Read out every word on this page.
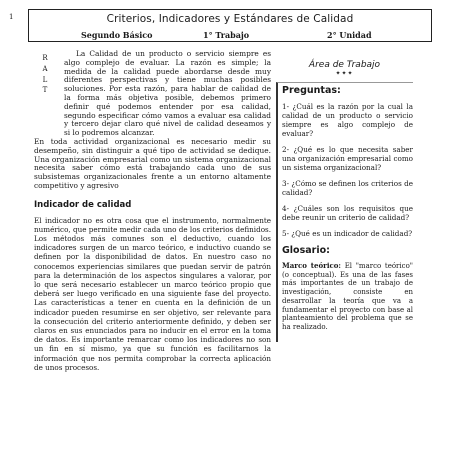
1	Criterios, Indicadores y Estándares de Calidad
Segundo Básico	1° Trabajo	2° Unidad
R
A
L
T

La Calidad de un producto o servicio siempre es algo complejo de evaluar. La razón es simple; la medida de la calidad puede abordarse desde muy diferentes perspectivas y tiene muchas posibles soluciones. Por esta razón, para hablar de calidad de la forma más objetiva posible, debemos primero definir qué podemos entender por esa calidad, segundo especificar cómo vamos a evaluar esa calidad y tercero dejar claro qué nivel de calidad deseamos y si lo podremos alcanzar.

En toda actividad organizacional es necesario medir su desempeño, sin distinguir a qué tipo de actividad se dedique. Una organización empresarial como un sistema organizacional necesita saber cómo está trabajando cada uno de sus subsistemas organizacionales frente a un entorno altamente competitivo y agresivo

Indicador de calidad

El indicador no es otra cosa que el instrumento, normalmente numérico, que permite medir cada uno de los criterios definidos. Los métodos más comunes son el deductivo, cuando los indicadores surgen de un marco teórico, e inductivo cuando se definen por la disponibilidad de datos. En nuestro caso no conocemos experiencias similares que puedan servir de patrón para la determinación de los aspectos singulares a valorar, por lo que será necesario establecer un marco teórico propio que deberá ser luego verificado en una siguiente fase del proyecto. Las características a tener en cuenta en la definición de un indicador pueden resumirse en ser objetivo, ser relevante para la consecución del criterio anteriormente definido, y deben ser claros en sus enunciados para no inducir en el error en la toma de datos. Es importante remarcar como los indicadores no son un fin en sí mismo, ya que su función es facilitarnos la información que nos permita comprobar la correcta aplicación de unos procesos.

Área de Trabajo
✦✦✦
Preguntas:

1- ¿Cuál es la razón por la cual la calidad de un producto o servicio siempre es algo complejo de evaluar?

2- ¿Qué es lo que necesita saber una organización empresarial como un sistema organizacional?

3- ¿Cómo se definen los criterios de calidad?

4- ¿Cuáles son los requisitos que debe reunir un criterio de calidad?

5- ¿Qué es un indicador de calidad?

Glosario:

Marco teórico: El "marco teórico" (o conceptual). Es una de las fases más importantes de un trabajo de investigación, consiste en desarrollar la teoría que va a fundamentar el proyecto con base al planteamiento del problema que se ha realizado.
